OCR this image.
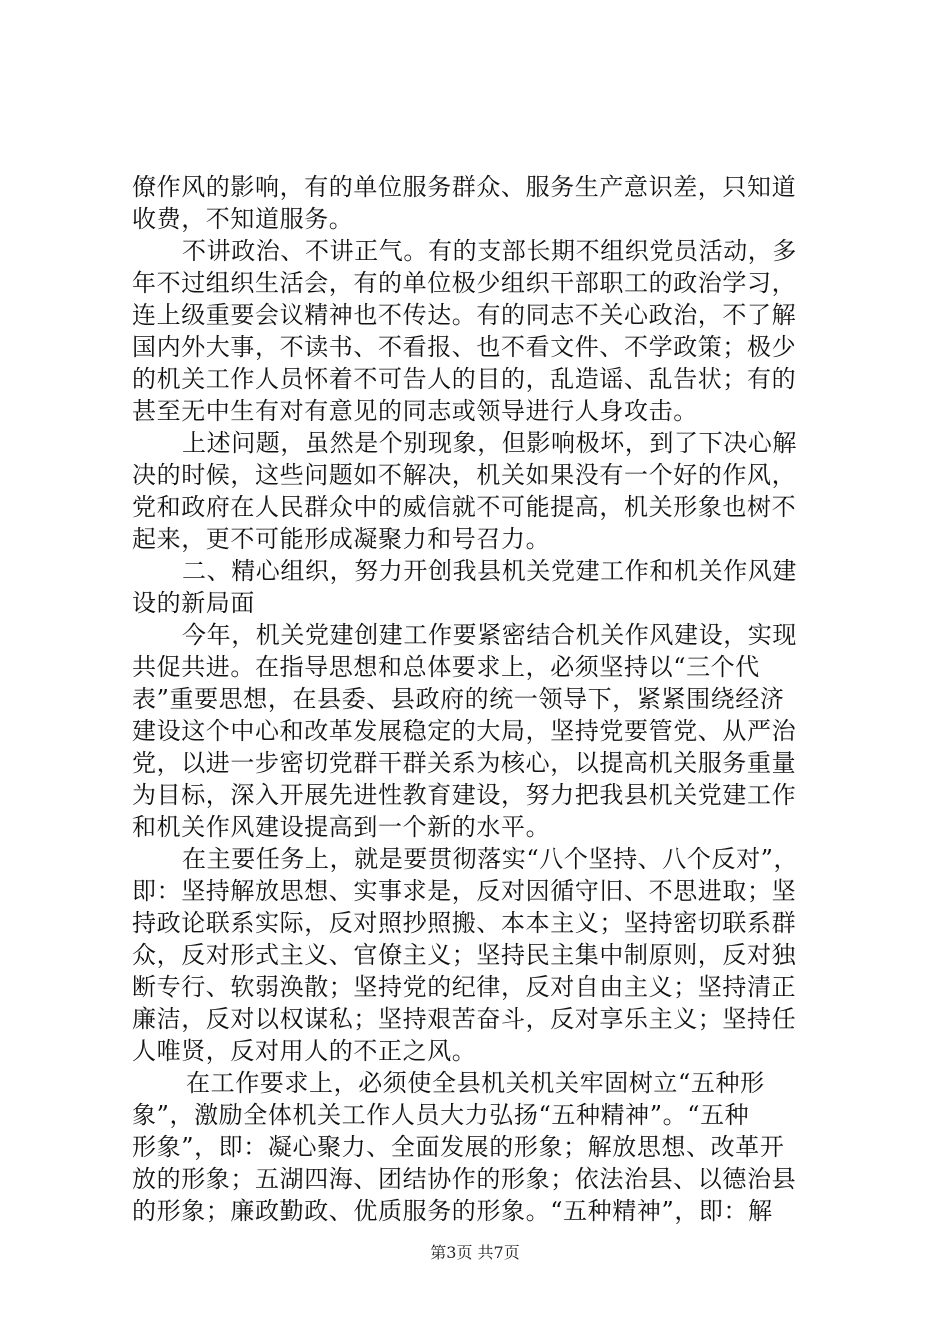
僚作风的影响，有的单位服务群众、服务生产意识差，只知道
收费，不知道服务。
不讲政治、不讲正气。有的支部长期不组织党员活动，多
年不过组织生活会，有的单位极少组织干部职工的政治学习，
连上级重要会议精神也不传达。有的同志不关心政治，不了解
国内外大事，不读书、不看报、也不看文件、不学政策；极少
的机关工作人员怀着不可告人的目的，乱造谣、乱告状；有的
甚至无中生有对有意见的同志或领导进行人身攻击。
上述问题，虽然是个别现象，但影响极坏，到了下决心解
决的时候，这些问题如不解决，机关如果没有一个好的作风，
党和政府在人民群众中的威信就不可能提高，机关形象也树不
起来，更不可能形成凝聚力和号召力。
二、精心组织，努力开创我县机关党建工作和机关作风建
设的新局面
今年，机关党建创建工作要紧密结合机关作风建设，实现
共促共进。在指导思想和总体要求上，必须坚持以“三个代
表”重要思想，在县委、县政府的统一领导下，紧紧围绕经济
建设这个中心和改革发展稳定的大局，坚持党要管党、从严治
党，以进一步密切党群干群关系为核心，以提高机关服务重量
为目标，深入开展先进性教育建设，努力把我县机关党建工作
和机关作风建设提高到一个新的水平。
在主要任务上，就是要贯彻落实“八个坚持、八个反对”，
即：坚持解放思想、实事求是，反对因循守旧、不思进取；坚
持政论联系实际，反对照抄照搬、本本主义；坚持密切联系群
众，反对形式主义、官僚主义；坚持民主集中制原则，反对独
断专行、软弱涣散；坚持党的纪律，反对自由主义；坚持清正
廉洁，反对以权谋私；坚持艰苦奋斗，反对享乐主义；坚持任
人唯贤，反对用人的不正之风。
在工作要求上，必须使全县机关机关牢固树立“五种形
象”，激励全体机关工作人员大力弘扬“五种精神”。“五种
形象”，即：凝心聚力、全面发展的形象；解放思想、改革开
放的形象；五湖四海、团结协作的形象；依法治县、以德治县
的形象；廉政勤政、优质服务的形象。“五种精神”，即：解
第3页 共7页
